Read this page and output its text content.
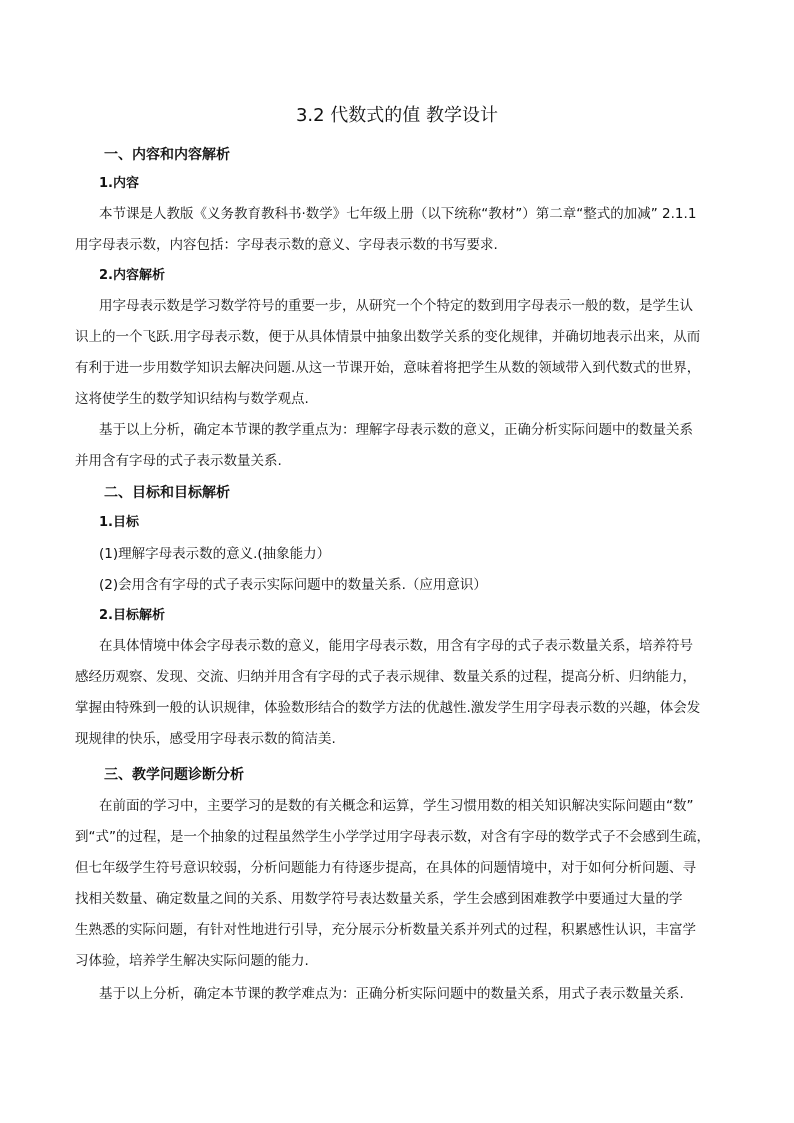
3.2 代数式的值 教学设计
一、内容和内容解析
1.内容
本节课是人教版《义务教育教科书·数学》七年级上册（以下统称“教材”）第二章“整式的加减” 2.1.1
用字母表示数，内容包括：字母表示数的意义、字母表示数的书写要求.
2.内容解析
用字母表示数是学习数学符号的重要一步，从研究一个个特定的数到用字母表示一般的数，是学生认
识上的一个飞跃.用字母表示数，便于从具体情景中抽象出数学关系的变化规律，并确切地表示出来，从而
有利于进一步用数学知识去解决问题.从这一节课开始，意味着将把学生从数的领域带入到代数式的世界，
这将使学生的数学知识结构与数学观点.
基于以上分析，确定本节课的教学重点为：理解字母表示数的意义，正确分析实际问题中的数量关系
并用含有字母的式子表示数量关系.
二、目标和目标解析
1.目标
(1)理解字母表示数的意义.(抽象能力）
(2)会用含有字母的式子表示实际问题中的数量关系.（应用意识）
2.目标解析
在具体情境中体会字母表示数的意义，能用字母表示数，用含有字母的式子表示数量关系，培养符号
感经历观察、发现、交流、归纳并用含有字母的式子表示规律、数量关系的过程，提高分析、归纳能力，
掌握由特殊到一般的认识规律，体验数形结合的数学方法的优越性.激发学生用字母表示数的兴趣，体会发
现规律的快乐，感受用字母表示数的简洁美.
三、教学问题诊断分析
在前面的学习中，主要学习的是数的有关概念和运算，学生习惯用数的相关知识解决实际问题由“数”
到“式”的过程，是一个抽象的过程虽然学生小学学过用字母表示数，对含有字母的数学式子不会感到生疏，
但七年级学生符号意识较弱，分析问题能力有待逐步提高，在具体的问题情境中，对于如何分析问题、寻
找相关数量、确定数量之间的关系、用数学符号表达数量关系，学生会感到困难教学中要通过大量的学
生熟悉的实际问题，有针对性地进行引导，充分展示分析数量关系并列式的过程，积累感性认识，丰富学
习体验，培养学生解决实际问题的能力.
基于以上分析，确定本节课的教学难点为：正确分析实际问题中的数量关系，用式子表示数量关系.
